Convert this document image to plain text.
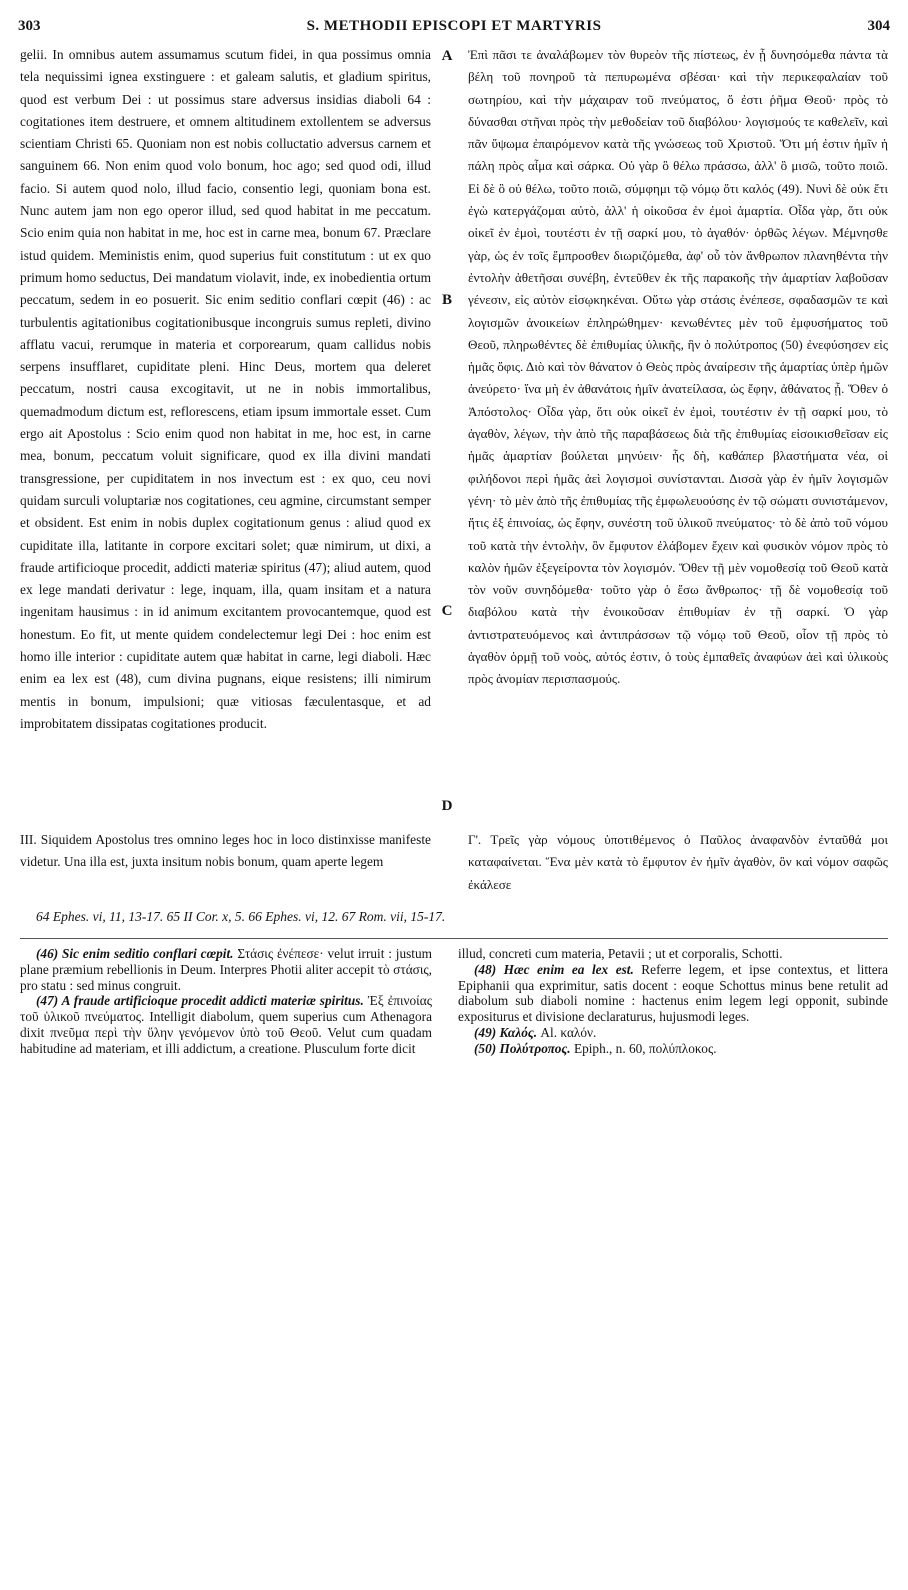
303	S. METHODII EPISCOPI ET MARTYRIS	304
gelii. In omnibus autem assumamus scutum fidei, in qua possimus omnia tela nequissimi ignea exstinguere : et galeam salutis, et gladium spiritus, quod est verbum Dei : ut possimus stare adversus insidias diaboli 64 : cogitationes item destruere, et omnem altitudinem extollentem se adversus scientiam Christi 65. Quoniam non est nobis colluctatio adversus carnem et sanguinem 66. Non enim quod volo bonum, hoc ago; sed quod odi, illud facio. Si autem quod nolo, illud facio, consentio legi, quoniam bona est. Nunc autem jam non ego operor illud, sed quod habitat in me peccatum. Scio enim quia non habitat in me, hoc est in carne mea, bonum 67. Præclare istud quidem. Meministis enim, quod superius fuit constitutum : ut ex quo primum homo seductus, Dei mandatum violavit, inde, ex inobedientia ortum peccatum, sedem in eo posuerit. Sic enim seditio conflari cœpit (46) : ac turbulentis agitationibus cogitationibusque incongruis sumus repleti, divino afflatu vacui, rerumque in materia et corporearum, quam callidus nobis serpens insufflaret, cupiditate pleni. Hinc Deus, mortem qua deleret peccatum, nostri causa excogitavit, ut ne in nobis immortalibus, quemadmodum dictum est, reflorescens, etiam ipsum immortale esset. Cum ergo ait Apostolus : Scio enim quod non habitat in me, hoc est, in carne mea, bonum, peccatum voluit significare, quod ex illa divini mandati transgressione, per cupiditatem in nos invectum est : ex quo, ceu novi quidam surculi voluptariæ nos cogitationes, ceu agmine, circumstant semper et obsident. Est enim in nobis duplex cogitationum genus : aliud quod ex cupiditate illa, latitante in corpore excitari solet; quæ nimirum, ut dixi, a fraude artificioque procedit, addicti materiæ spiritus (47); aliud autem, quod ex lege mandati derivatur : lege, inquam, illa, quam insitam et a natura ingenitam hausimus : in id animum excitantem provocantemque, quod est honestum. Eo fit, ut mente quidem condelectemur legi Dei : hoc enim est homo ille interior : cupiditate autem quæ habitat in carne, legi diaboli. Hæc enim ea lex est (48), cum divina pugnans, eique resistens; illi nimirum mentis in bonum, impulsioni; quæ vitiosas fæculentasque, et ad improbitatem dissipatas cogitationes producit.
A
B
C
D
Ἐπὶ πᾶσι τε ἀναλάβωμεν τὸν θυρεὸν τῆς πίστεως, ἐν ᾗ δυνησόμεθα πάντα τὰ βέλη τοῦ πονηροῦ τὰ πεπυρωμένα σβέσαι· καὶ τὴν περικεφαλαίαν τοῦ σωτηρίου, καὶ τὴν μάχαιραν τοῦ πνεύματος, ὅ ἐστι ῥῆμα Θεοῦ· πρὸς τὸ δύνασθαι στῆναι πρὸς τὴν μεθοδείαν τοῦ διαβόλου· λογισμούς τε καθελεῖν, καὶ πᾶν ὕψωμα ἐπαιρόμενον κατὰ τῆς γνώσεως τοῦ Χριστοῦ. Ὅτι μή ἐστιν ἡμῖν ἡ πάλη πρὸς αἷμα καὶ σάρκα. Οὐ γὰρ ὃ θέλω πράσσω, ἀλλ' ὃ μισῶ, τοῦτο ποιῶ. Εἰ δὲ ὃ οὐ θέλω, τοῦτο ποιῶ, σύμφημι τῷ νόμῳ ὅτι καλός (49). Νυνὶ δὲ οὐκ ἔτι ἐγὼ κατεργάζομαι αὐτὸ, ἀλλ' ἡ οἰκοῦσα ἐν ἐμοὶ ἁμαρτία. Οἶδα γὰρ, ὅτι οὐκ οἰκεῖ ἐν ἐμοὶ, τουτέστι ἐν τῇ σαρκί μου, τὸ ἀγαθόν· ὀρθῶς λέγων. Μέμνησθε γὰρ, ὡς ἐν τοῖς ἔμπροσθεν διωριζόμεθα, ἀφ' οὗ τὸν ἄνθρωπον πλανηθέντα τὴν ἐντολὴν ἀθετῆσαι συνέβη, ἐντεῦθεν ἐκ τῆς παρακοῆς τὴν ἁμαρτίαν λαβοῦσαν γένεσιν, εἰς αὐτὸν εἰσῳκηκέναι. Οὕτω γὰρ στάσις ἐνέπεσε, σφαδασμῶν τε καὶ λογισμῶν ἀνοικείων ἐπληρώθημεν· κενωθέντες μὲν τοῦ ἐμφυσήματος τοῦ Θεοῦ, πληρωθέντες δὲ ἐπιθυμίας ὑλικῆς, ἣν ὁ πολύτροπος (50) ἐνεφύσησεν εἰς ἡμᾶς ὄφις. Διὸ καὶ τὸν θάνατον ὁ Θεὸς πρὸς ἀναίρεσιν τῆς ἁμαρτίας ὑπὲρ ἡμῶν ἀνεύρετο· ἵνα μὴ ἐν ἀθανάτοις ἡμῖν ἀνατείλασα, ὡς ἔφην, ἀθάνατος ᾖ. Ὅθεν ὁ Ἀπόστολος· Οἶδα γὰρ, ὅτι οὐκ οἰκεῖ ἐν ἐμοὶ, τουτέστιν ἐν τῇ σαρκί μου, τὸ ἀγαθὸν, λέγων, τὴν ἀπὸ τῆς παραβάσεως διὰ τῆς ἐπιθυμίας εἰσοικισθεῖσαν εἰς ἡμᾶς ἁμαρτίαν βούλεται μηνύειν· ἧς δὴ, καθάπερ βλαστήματα νέα, οἱ φιλήδονοι περὶ ἡμᾶς ἀεὶ λογισμοὶ συνίστανται. Δισσὰ γὰρ ἐν ἡμῖν λογισμῶν γένη· τὸ μὲν ἀπὸ τῆς ἐπιθυμίας τῆς ἐμφωλευούσης ἐν τῷ σώματι συνιστάμενον, ἥτις ἐξ ἐπινοίας, ὡς ἔφην, συνέστη τοῦ ὑλικοῦ πνεύματος· τὸ δὲ ἀπὸ τοῦ νόμου τοῦ κατὰ τὴν ἐντολὴν, ὃν ἔμφυτον ἐλάβομεν ἔχειν καὶ φυσικὸν νόμον πρὸς τὸ καλὸν ἡμῶν ἐξεγείροντα τὸν λογισμόν. Ὅθεν τῇ μὲν νομοθεσίᾳ τοῦ Θεοῦ κατὰ τὸν νοῦν συνηδόμεθα· τοῦτο γὰρ ὁ ἔσω ἄνθρωπος· τῇ δὲ νομοθεσίᾳ τοῦ διαβόλου κατὰ τὴν ἐνοικοῦσαν ἐπιθυμίαν ἐν τῇ σαρκί. Ὁ γὰρ ἀντιστρατευόμενος καὶ ἀντιπράσσων τῷ νόμῳ τοῦ Θεοῦ, οἷον τῇ πρὸς τὸ ἀγαθὸν ὁρμῇ τοῦ νοὸς, αὐτός ἐστιν, ὁ τοὺς ἐμπαθεῖς ἀναφύων ἀεὶ καὶ ὑλικοὺς πρὸς ἀνομίαν περισπασμούς.
III. Siquidem Apostolus tres omnino leges hoc in loco distinxisse manifeste videtur. Una illa est, juxta insitum nobis bonum, quam aperte legem
Γ'. Τρεῖς γὰρ νόμους ὑποτιθέμενος ὁ Παῦλος ἀναφανδὸν ἐνταῦθά μοι καταφαίνεται. Ἕνα μὲν κατὰ τὸ ἔμφυτον ἐν ἡμῖν ἀγαθὸν, ὃν καὶ νόμον σαφῶς ἐκάλεσε
64 Ephes. vi, 11, 13-17. 65 II Cor. x, 5. 66 Ephes. vi, 12. 67 Rom. vii, 15-17.

(46) Sic enim seditio conflari cœpit. Στάσις ἐνέπεσε· velut irruit : justum plane præmium rebellionis in Deum. Interpres Photii aliter accepit τὸ στάσις, pro statu : sed minus congruit.

(47) A fraude artificioque procedit addicti materiæ spiritus. Ἐξ ἐπινοίας τοῦ ὑλικοῦ πνεύματος. Intelligit diabolum, quem superius cum Athenagora dixit πνεῦμα περὶ τὴν ὕλην γενόμενον ὑπὸ τοῦ Θεοῦ. Velut cum quadam habitudine ad materiam, et illi addictum, a creatione. Plusculum forte dicit

illud, concreti cum materia, Petavii ; ut et corporalis, Schotti.

(48) Hæc enim ea lex est. Referre legem, et ipse contextus, et littera Epiphanii qua exprimitur, satis docent : eoque Schottus minus bene retulit ad diabolum sub diaboli nomine : hactenus enim legem legi opponit, subinde expositurus et divisione declaraturus, hujusmodi leges.

(49) Καλός. Al. καλόν.

(50) Πολύτροπος. Epiph., n. 60, πολύπλοκος.
